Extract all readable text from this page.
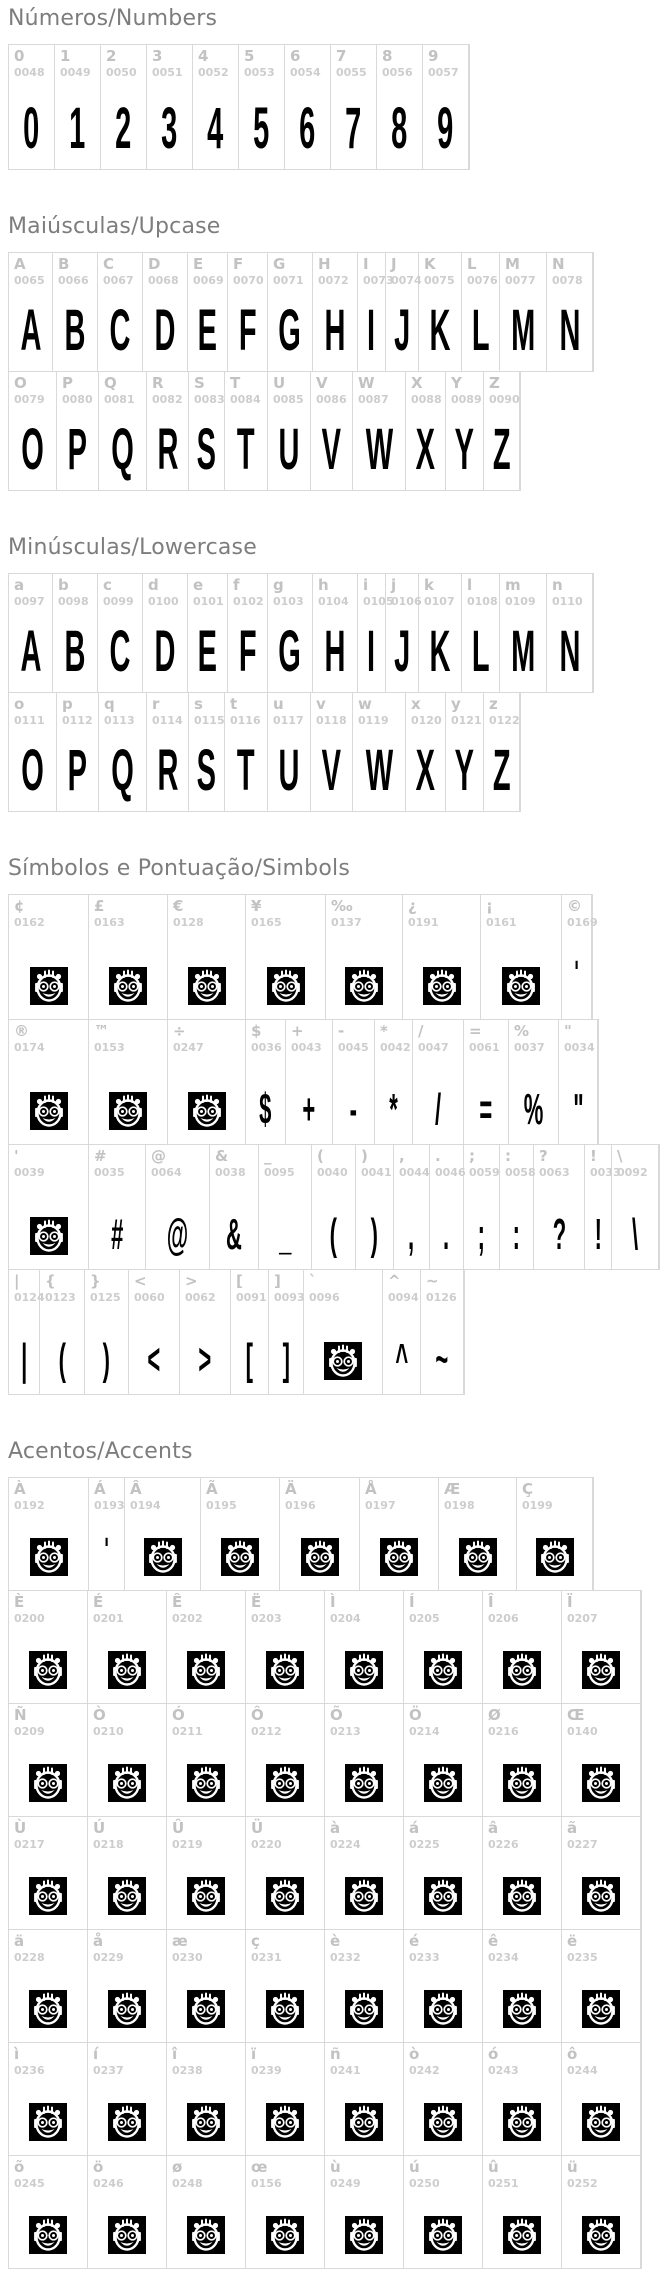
Números/Numbers
0
0048
0
1
0049
1
2
0050
2
3
0051
3
4
0052
4
5
0053
5
6
0054
6
7
0055
7
8
0056
8
9
0057
9
Maiúsculas/Upcase
A
0065
A
B
0066
B
C
0067
C
D
0068
D
E
0069
E
F
0070
F
G
0071
G
H
0072
H
I
0073
I
J
0074
J
K
0075
K
L
0076
L
M
0077
M
N
0078
N
O
0079
O
P
0080
P
Q
0081
Q
R
0082
R
S
0083
S
T
0084
T
U
0085
U
V
0086
V
W
0087
W
X
0088
X
Y
0089
Y
Z
0090
Z
Minúsculas/Lowercase
a
0097
A
b
0098
B
c
0099
C
d
0100
D
e
0101
E
f
0102
F
g
0103
G
h
0104
H
i
0105
I
j
0106
J
k
0107
K
l
0108
L
m
0109
M
n
0110
N
o
0111
O
p
0112
P
q
0113
Q
r
0114
R
s
0115
S
t
0116
T
u
0117
U
v
0118
V
w
0119
W
x
0120
X
y
0121
Y
z
0122
Z
Símbolos e Pontuação/Simbols
¢
0162
£
0163
€
0128
¥
0165
‰
0137
¿
0191
¡
0161
©
0169
'
®
0174
™
0153
÷
0247
$
0036
$
+
0043
+
-
0045
-
*
0042
*
/
0047
/
=
0061
=
%
0037
%
"
0034
"
'
0039
#
0035
#
@
0064
@
&
0038
&
_
0095
_
(
0040
(
)
0041
)
,
0044
,
.
0046
.
;
0059
;
:
0058
:
?
0063
?
!
0033
!
\
0092
\
|
0124
|
{
0123
(
}
0125
)
<
0060
<
>
0062
>
[
0091
[
]
0093
]
`
0096
^
0094
^
~
0126
~
Acentos/Accents
À
0192
Á
0193
'
Â
0194
Ã
0195
Ä
0196
Å
0197
Æ
0198
Ç
0199
È
0200
É
0201
Ê
0202
Ë
0203
Ì
0204
Í
0205
Î
0206
Ï
0207
Ñ
0209
Ò
0210
Ó
0211
Ô
0212
Õ
0213
Ö
0214
Ø
0216
Œ
0140
Ù
0217
Ú
0218
Û
0219
Ü
0220
à
0224
á
0225
â
0226
ã
0227
ä
0228
å
0229
æ
0230
ç
0231
è
0232
é
0233
ê
0234
ë
0235
ì
0236
í
0237
î
0238
ï
0239
ñ
0241
ò
0242
ó
0243
ô
0244
õ
0245
ö
0246
ø
0248
œ
0156
ù
0249
ú
0250
û
0251
ü
0252
